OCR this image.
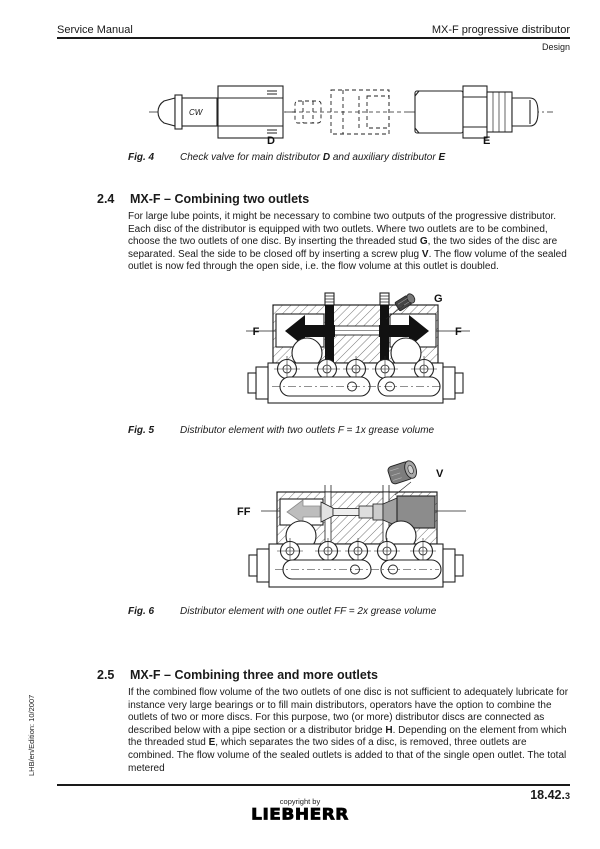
Service Manual	MX-F progressive distributor
Design
CW
D	E
Fig. 4	Check valve for main distributor D and auxiliary distributor E
2.4 MX-F – Combining two outlets
For large lube points, it might be necessary to combine two outputs of the progressive distributor. Each disc of the distributor is equipped with two outlets. Where two outlets are to be combined, choose the two outlets of one disc. By inserting the threaded stud G, the two sides of the disc are separated. Seal the side to be closed off by inserting a screw plug V. The flow volume of the sealed outlet is now fed through the open side, i.e. the flow volume at this outlet is doubled.
F	F
G
Fig. 5	Distributor element with two outlets F = 1x grease volume
FF
V
Fig. 6	Distributor element with one outlet FF = 2x grease volume
2.5 MX-F – Combining three and more outlets
If the combined flow volume of the two outlets of one disc is not sufficient to adequately lubricate for instance very large bearings or to fill main distributors, operators have the option to combine the outlets of two or more discs. For this purpose, two (or more) distributor discs are connected as described below with a pipe section or a distributor bridge H. Depending on the element from which the threaded stud E, which separates the two sides of a disc, is removed, three outlets are combined. The flow volume of the sealed outlets is added to that of the single open outlet. The total metered
18.42.3
copyright by
LIEBHERR
LHB/en/Edition: 10/2007
